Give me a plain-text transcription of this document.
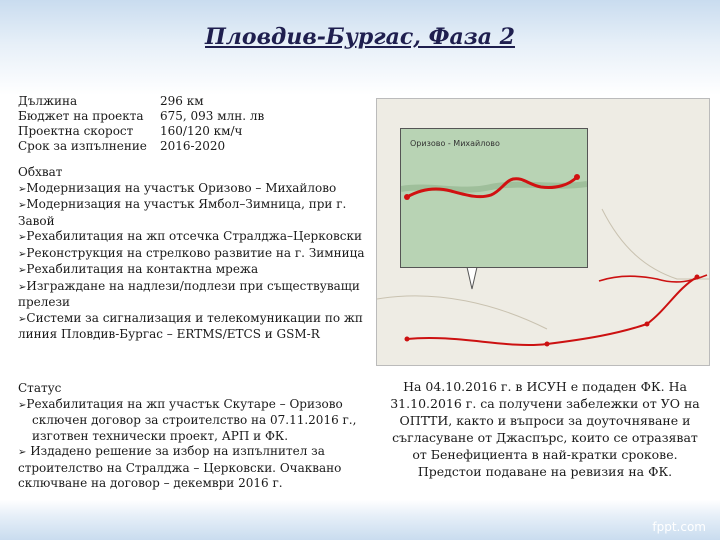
Пловдив-Бургас, Фаза 2
Дължина	296 км
Бюджет на проекта	675, 093 млн. лв
Проектна скорост	160/120 км/ч
Срок за изпълнение	2016-2020
Обхват
➢Модернизация на участък Оризово – Михайлово
➢Модернизация на участък Ямбол–Зимница, при г. Завой
➢Рехабилитация на жп отсечка Стралджа–Церковски
➢Реконструкция на стрелково развитие на г. Зимница
➢Рехабилитация на контактна мрежа
➢Изграждане на надлези/подлези при съществуващи прелези
➢Системи за сигнализация и телекомуникации по жп линия Пловдив-Бургас – ERTMS/ETCS и GSM-R
Статус
➢Рехабилитация на жп участък Скутаре – Оризово
сключен договор за строителство на 07.11.2016 г., изготвен технически проект, АРП и ФК.
➢ Издадено решение за избор на изпълнител за строителство на Стралджа – Церковски. Очаквано сключване на договор – декември 2016 г.
На 04.10.2016 г. в ИСУН е подаден ФК. На 31.10.2016 г. са получени забележки от УО на ОПТТИ, както и въпроси за доуточняване и съгласуване от Джаспърс, които се отразяват от Бенефициента в най-кратки срокове. Предстои подаване на ревизия на ФК.
Оризово - Михайлово
fppt.com
